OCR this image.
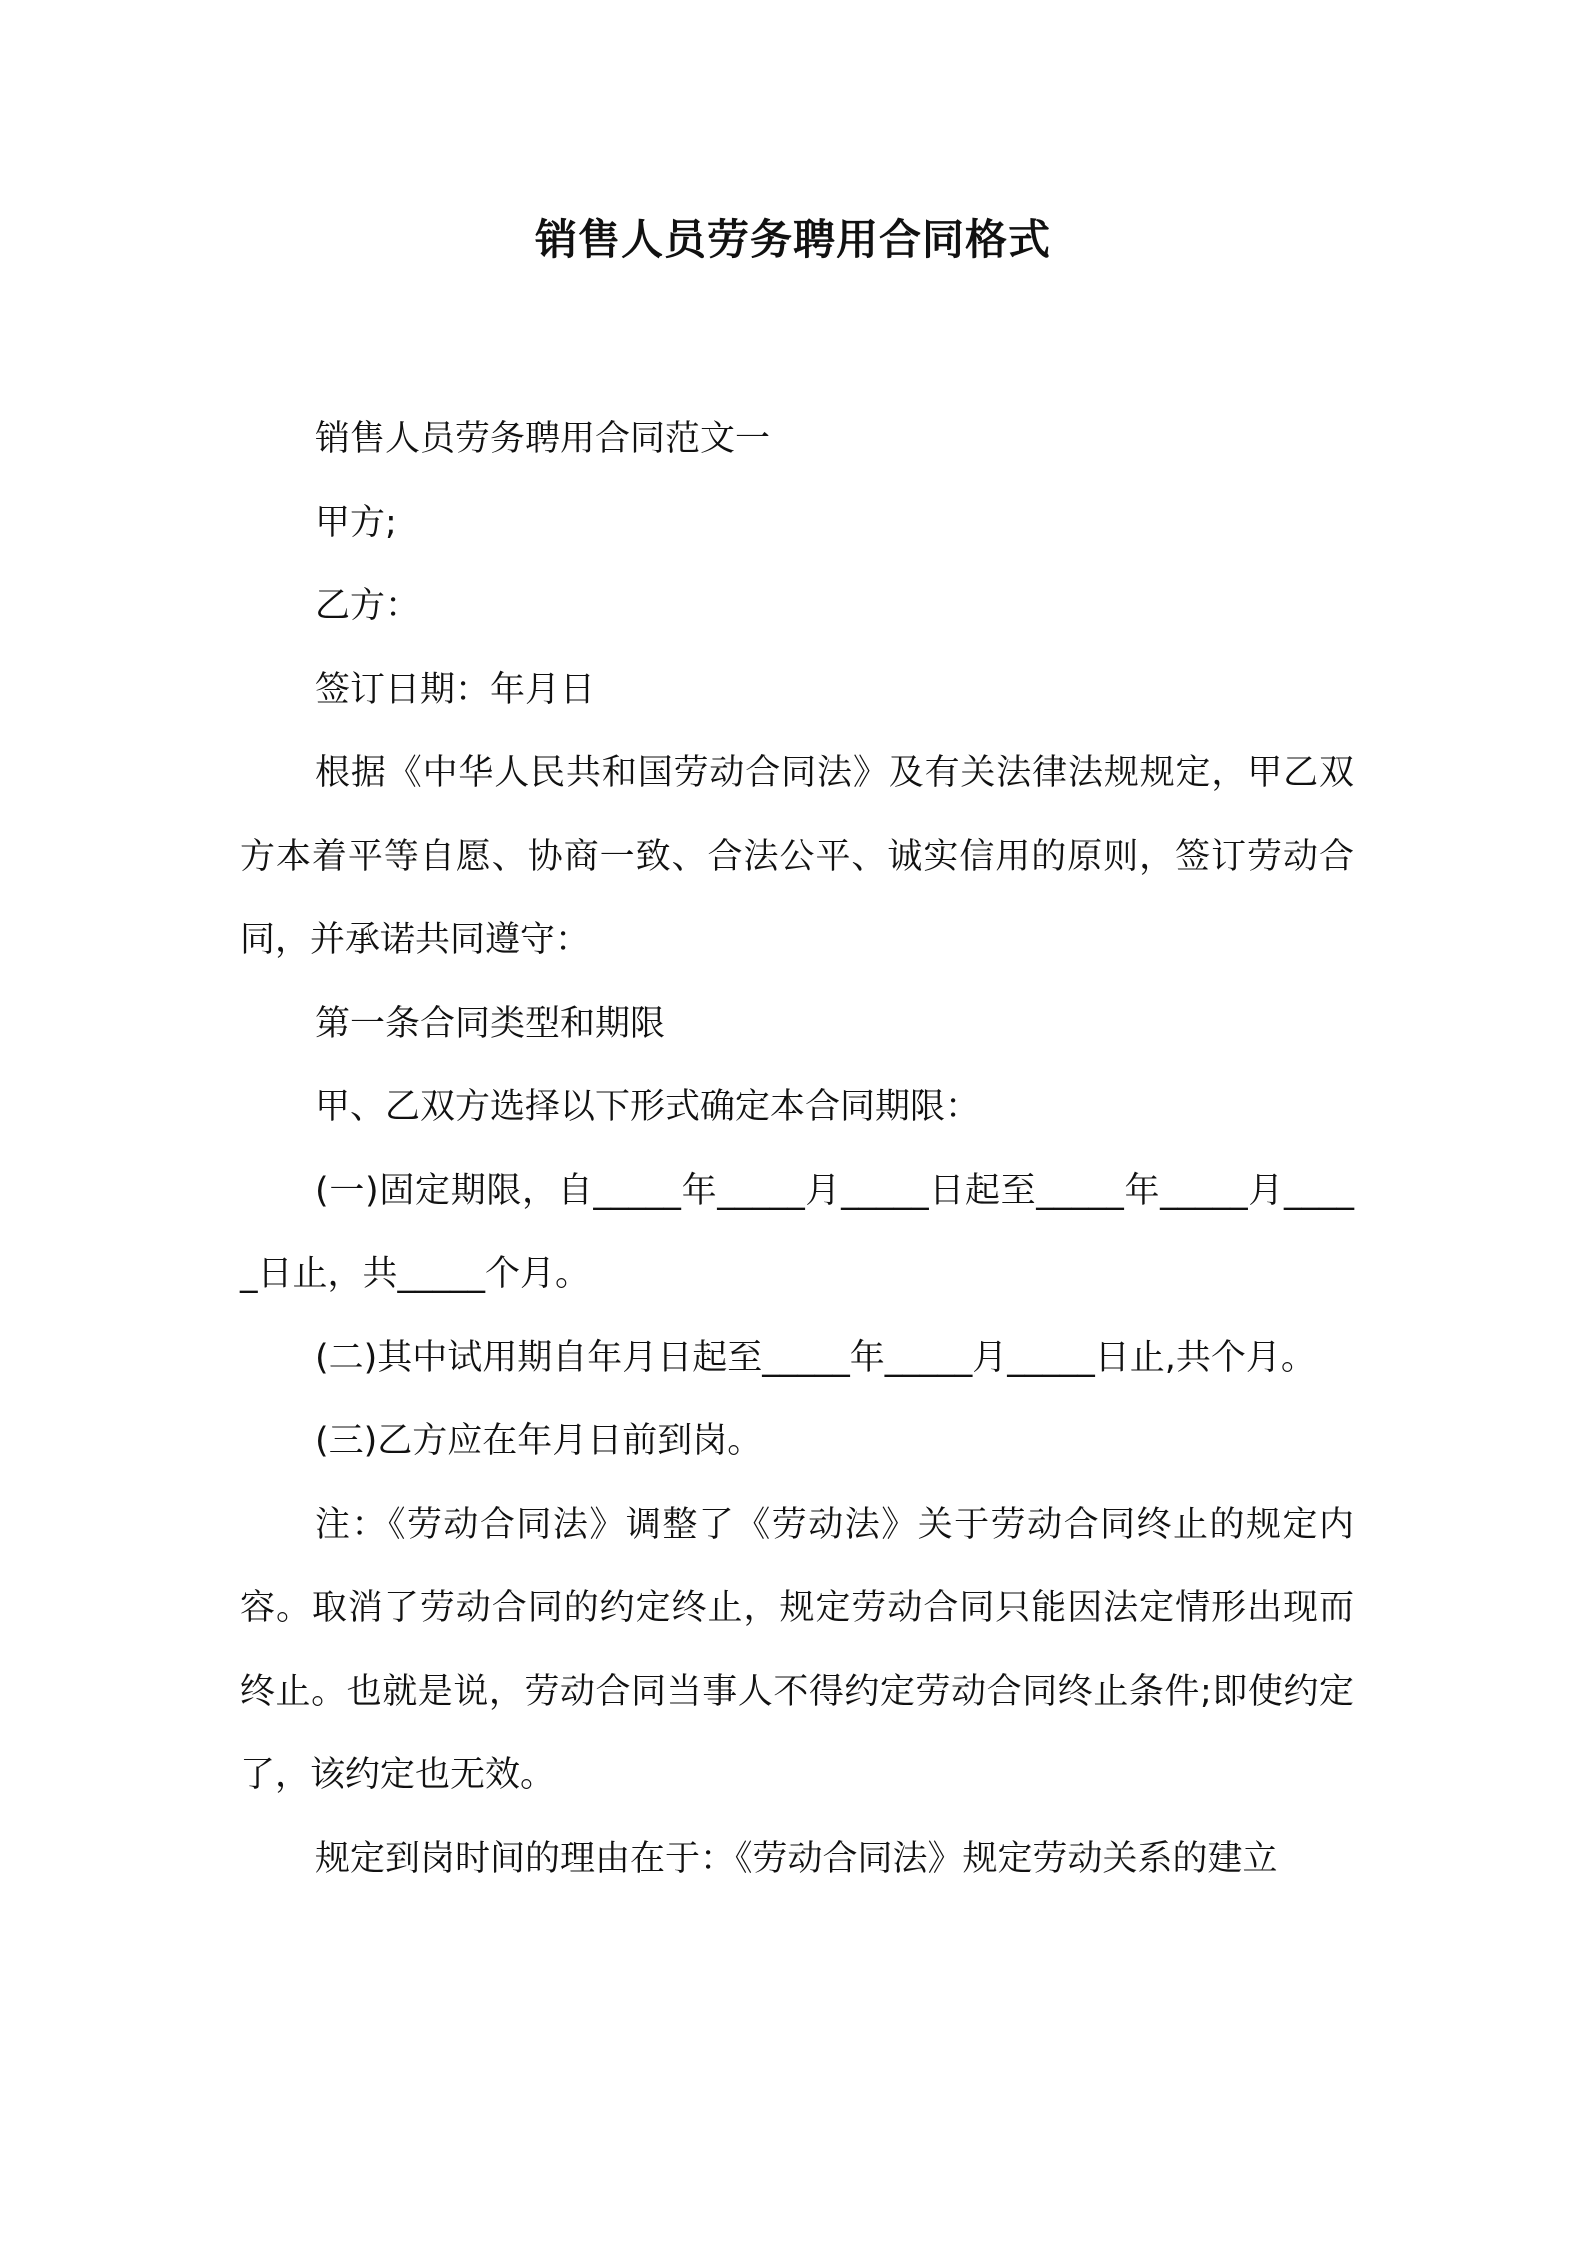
销售人员劳务聘用合同格式

销售人员劳务聘用合同范文一

甲方;

乙方：

签订日期：年月日

根据《中华人民共和国劳动合同法》及有关法律法规规定，甲乙双方本着平等自愿、协商一致、合法公平、诚实信用的原则，签订劳动合同，并承诺共同遵守：

第一条合同类型和期限

甲、乙双方选择以下形式确定本合同期限：

(一)固定期限，自_____年_____月_____日起至_____年_____月_____日止，共_____个月。

(二)其中试用期自年月日起至_____年_____月_____日止,共个月。

(三)乙方应在年月日前到岗。

注：《劳动合同法》调整了《劳动法》关于劳动合同终止的规定内容。取消了劳动合同的约定终止，规定劳动合同只能因法定情形出现而终止。也就是说，劳动合同当事人不得约定劳动合同终止条件;即使约定了，该约定也无效。

规定到岗时间的理由在于：《劳动合同法》规定劳动关系的建立
